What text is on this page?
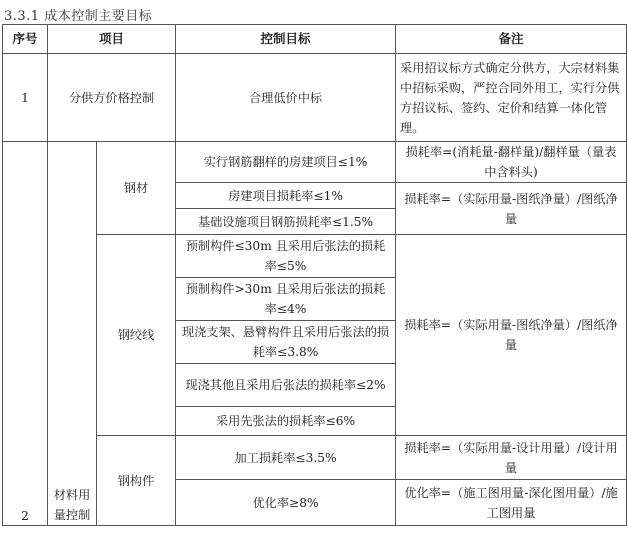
3.3.1 成本控制主要目标
序号	项目		控制目标	备注
1	分供方价格控制		合理低价中标	采用招议标方式确定分供方，大宗材料集中招标采购，严控合同外用工，实行分供方招议标、签约、定价和结算一体化管理。
2	材料用量控制	钢材	实行钢筋翻样的房建项目≤1%	损耗率=(消耗量-翻样量)/翻样量（量表中含料头)
			房建项目损耗率≤1%	损耗率=（实际用量-图纸净量）/图纸净量
			基础设施项目钢筋损耗率≤1.5%	
		钢绞线	预制构件≤30m 且采用后张法的损耗率≤5%	损耗率=（实际用量-图纸净量）/图纸净量
			预制构件>30m 且采用后张法的损耗率≤4%	
			现浇支架、悬臂构件且采用后张法的损耗率≤3.8%	
			现浇其他且采用后张法的损耗率≤2%	
			采用先张法的损耗率≤6%	
		钢构件	加工损耗率≤3.5%	损耗率=（实际用量-设计用量）/设计用量
			优化率≥8%	优化率=（施工图用量-深化图用量）/施工图用量
